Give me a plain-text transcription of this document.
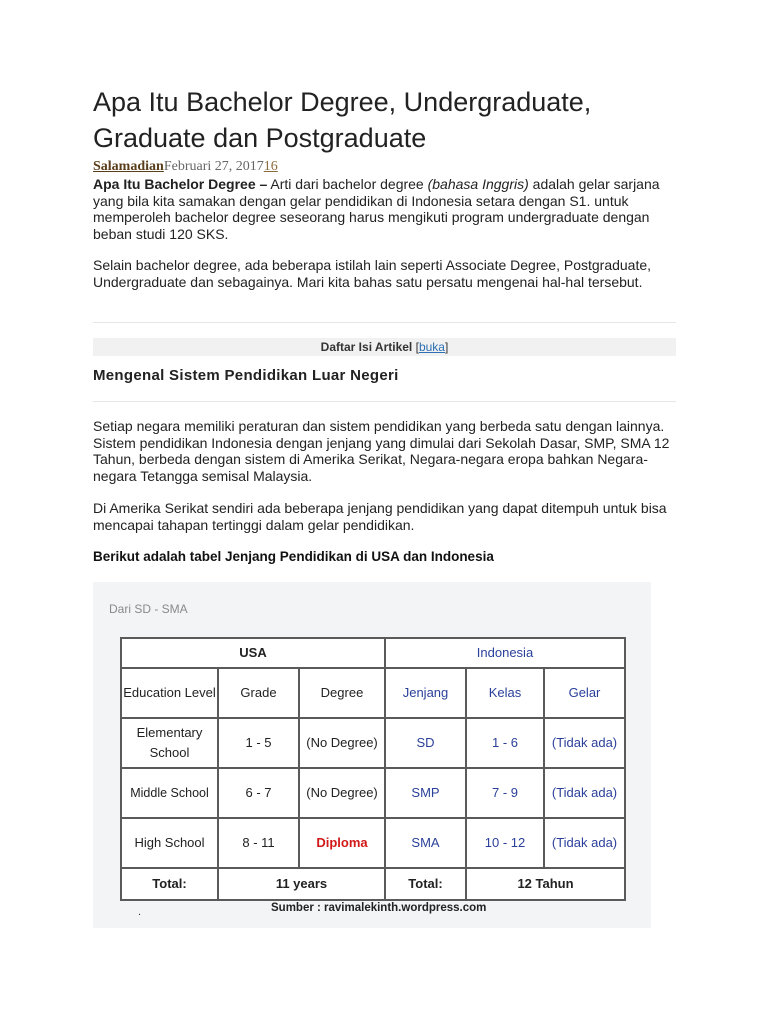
Apa Itu Bachelor Degree, Undergraduate, Graduate dan Postgraduate
SalamadianFebruari 27, 201716

Apa Itu Bachelor Degree – Arti dari bachelor degree (bahasa Inggris) adalah gelar sarjana yang bila kita samakan dengan gelar pendidikan di Indonesia setara dengan S1. untuk memperoleh bachelor degree seseorang harus mengikuti program undergraduate dengan beban studi 120 SKS.

Selain bachelor degree, ada beberapa istilah lain seperti Associate Degree, Postgraduate, Undergraduate dan sebagainya. Mari kita bahas satu persatu mengenai hal-hal tersebut.

Daftar Isi Artikel [buka]
Mengenal Sistem Pendidikan Luar Negeri

Setiap negara memiliki peraturan dan sistem pendidikan yang berbeda satu dengan lainnya. Sistem pendidikan Indonesia dengan jenjang yang dimulai dari Sekolah Dasar, SMP, SMA 12 Tahun, berbeda dengan sistem di Amerika Serikat, Negara-negara eropa bahkan Negara-negara Tetangga semisal Malaysia.

Di Amerika Serikat sendiri ada beberapa jenjang pendidikan yang dapat ditempuh untuk bisa mencapai tahapan tertinggi dalam gelar pendidikan.

Berikut adalah tabel Jenjang Pendidikan di USA dan Indonesia
Dari SD - SMA
USA			Indonesia		
Education Level	Grade	Degree	Jenjang	Kelas	Gelar
Elementary School	1 - 5	(No Degree)	SD	1 - 6	(Tidak ada)
Middle School	6 - 7	(No Degree)	SMP	7 - 9	(Tidak ada)
High School	8 - 11	Diploma	SMA	10 - 12	(Tidak ada)
Total:	11 years		Total:	12 Tahun	
.	Sumber : ravimalekinth.wordpress.com
